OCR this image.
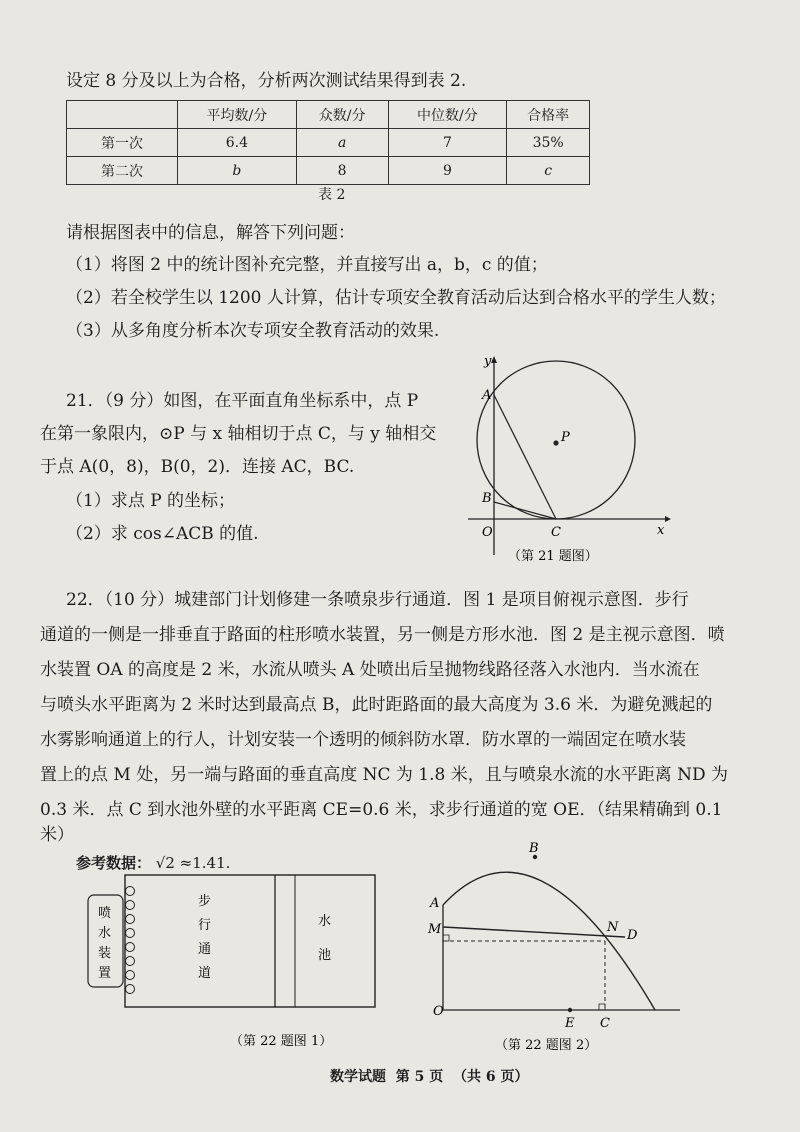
设定 8 分及以上为合格，分析两次测试结果得到表 2.
	平均数/分	众数/分	中位数/分	合格率
第一次	6.4	a	7	35%
第二次	b	8	9	c
表 2
请根据图表中的信息，解答下列问题：
（1）将图 2 中的统计图补充完整，并直接写出 a，b，c 的值；
（2）若全校学生以 1200 人计算，估计专项安全教育活动后达到合格水平的学生人数；
（3）从多角度分析本次专项安全教育活动的效果.
21．（9 分）如图，在平面直角坐标系中，点 P
在第一象限内，⊙P 与 x 轴相切于点 C，与 y 轴相交
于点 A(0，8)，B(0，2)．连接 AC，BC.
（1）求点 P 的坐标；
（2）求 cos∠ACB 的值.
y
x
A
B
P
O	C
（第 21 题图）
22．（10 分）城建部门计划修建一条喷泉步行通道．图 1 是项目俯视示意图．步行
通道的一侧是一排垂直于路面的柱形喷水装置，另一侧是方形水池．图 2 是主视示意图．喷
水装置 OA 的高度是 2 米，水流从喷头 A 处喷出后呈抛物线路径落入水池内．当水流在
与喷头水平距离为 2 米时达到最高点 B，此时距路面的最大高度为 3.6 米．为避免溅起的
水雾影响通道上的行人，计划安装一个透明的倾斜防水罩．防水罩的一端固定在喷水装
置上的点 M 处，另一端与路面的垂直高度 NC 为 1.8 米，且与喷泉水流的水平距离 ND 为
0.3 米．点 C 到水池外壁的水平距离 CE=0.6 米，求步行通道的宽 OE．（结果精确到 0.1
米）
参考数据： √2 ≈1.41.
喷
水
装
置
步
行
通
道
水
池
（第 22 题图 1）
A
B
M	N
D
O
E C
（第 22 题图 2）
数学试题  第 5 页  （共 6 页）
